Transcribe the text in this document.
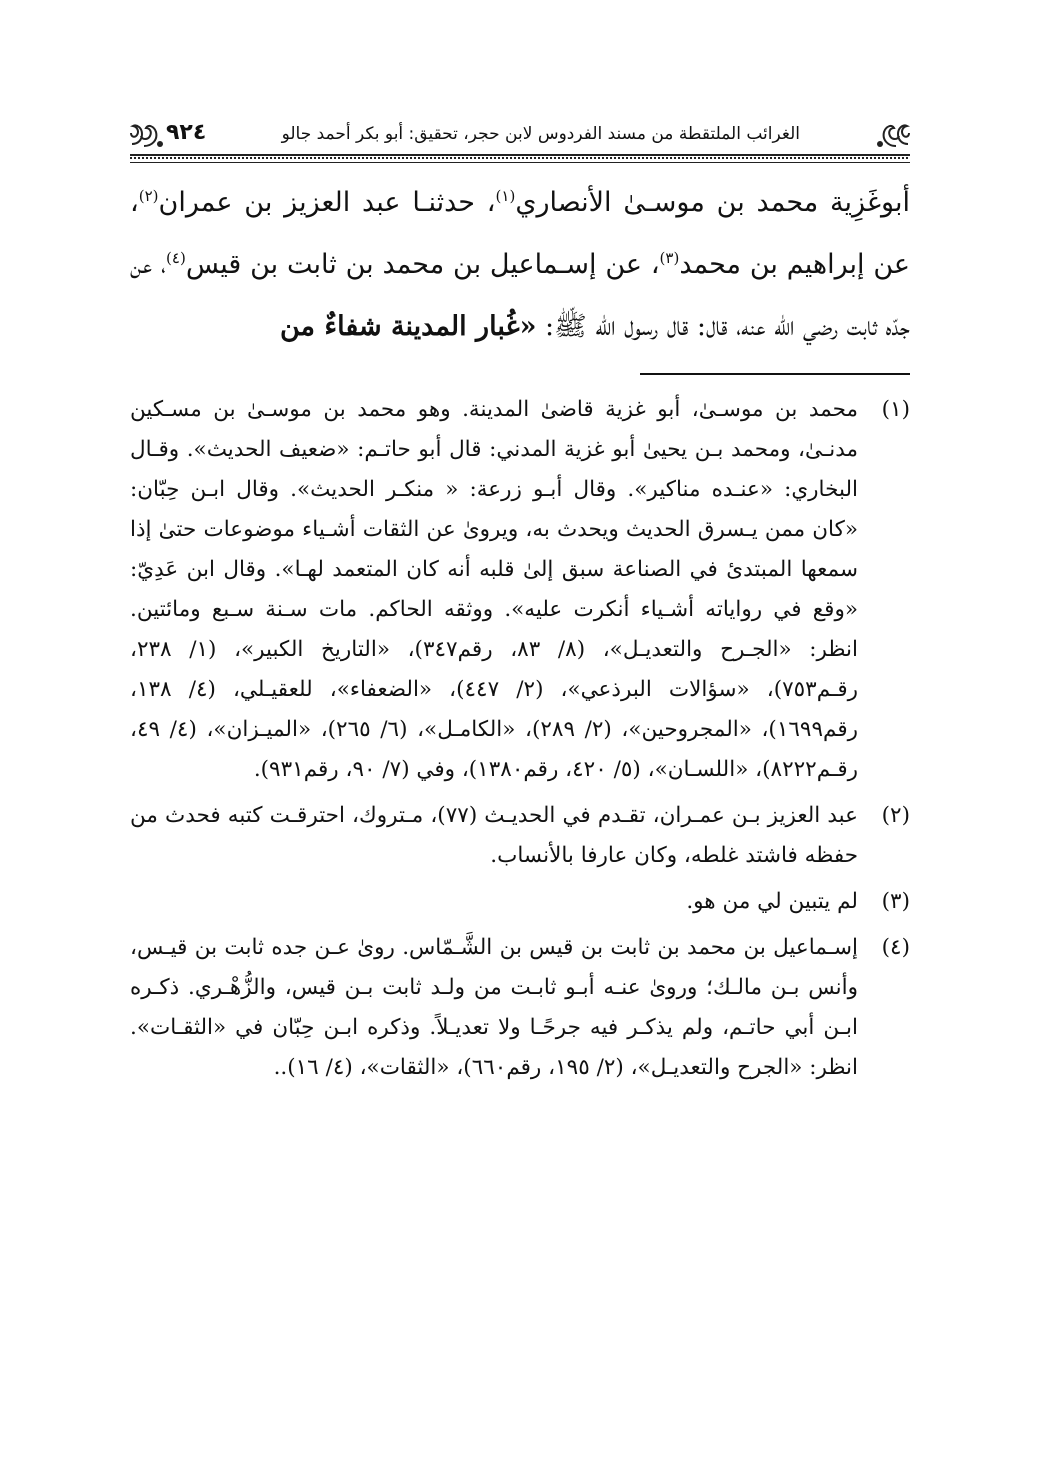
الغرائب الملتقطة من مسند الفردوس لابن حجر، تحقيق: أبو بكر أحمد جالو
٩٢٤

أبوغَزِية محمد بن موسـىٰ الأنصاري$^{(١)}$، حدثنـا عبد العزيز بن عمران$^{(٢)}$، عن إبراهيم بن محمد$^{(٣)}$، عن إسـماعيل بن محمد بن ثابت بن قيس$^{(٤)}$، عن جدّه ثابت رضي الله عنه، قال: قال رسول الله ﷺ: «غُبار المدينة شفاءٌ من

(١)
محمد بن موسـىٰ، أبو غزية قاضىٰ المدينة. وهو محمد بن موسـىٰ بن مسـكين مدنـىٰ، ومحمد بـن يحيىٰ أبو غزية المدني: قال أبو حاتـم: «ضعيف الحديث». وقـال البخاري: «عنـده مناكير». وقال أبـو زرعة: « منكـر الحديث». وقال ابـن حِبّان: «كان ممن يـسرق الحديث ويحدث به، ويروىٰ عن الثقات أشـياء موضوعات حتىٰ إذا سمعها المبتدئ في الصناعة سبق إلىٰ قلبه أنه كان المتعمد لهـا». وقال ابن عَدِيّ: «وقع في رواياته أشـياء أنكرت عليه». ووثقه الحاكم. مات سـنة سـبع ومائتين. انظر: «الجـرح والتعديـل»، (٨/ ٨٣، رقم٣٤٧)، «التاريخ الكبير»، (١/ ٢٣٨، رقـم٧٥٣)، «سؤالات البرذعي»، (٢/ ٤٤٧)، «الضعفاء»، للعقيـلي، (٤/ ١٣٨، رقم١٦٩٩)، «المجروحين»، (٢/ ٢٨٩)، «الكامـل»، (٦/ ٢٦٥)، «الميـزان»، (٤/ ٤٩، رقـم٨٢٢٢)، «اللسـان»، (٥/ ٤٢٠، رقم١٣٨٠)، وفي (٧/ ٩٠، رقم٩٣١).
(٢)
عبد العزيز بـن عمـران، تقـدم في الحديـث (٧٧)، مـتروك، احترقـت كتبه فحدث من حفظه فاشتد غلطه، وكان عارفا بالأنساب.
(٣)
لم يتبين لي من هو.
(٤)
إسـماعيل بن محمد بن ثابت بن قيس بن الشَّـمّاس. روىٰ عـن جده ثابت بن قيـس، وأنس بـن مالـك؛ وروىٰ عنـه أبـو ثابـت من ولـد ثابت بـن قيس، والزُّهْـري. ذكـره ابـن أبي حاتـم، ولم يذكـر فيه جرحًـا ولا تعديـلاً. وذكره ابـن حِبّان في «الثقـات». انظر: «الجرح والتعديـل»، (٢/ ١٩٥، رقم٦٦٠)، «الثقات»، (٤/ ١٦)..
